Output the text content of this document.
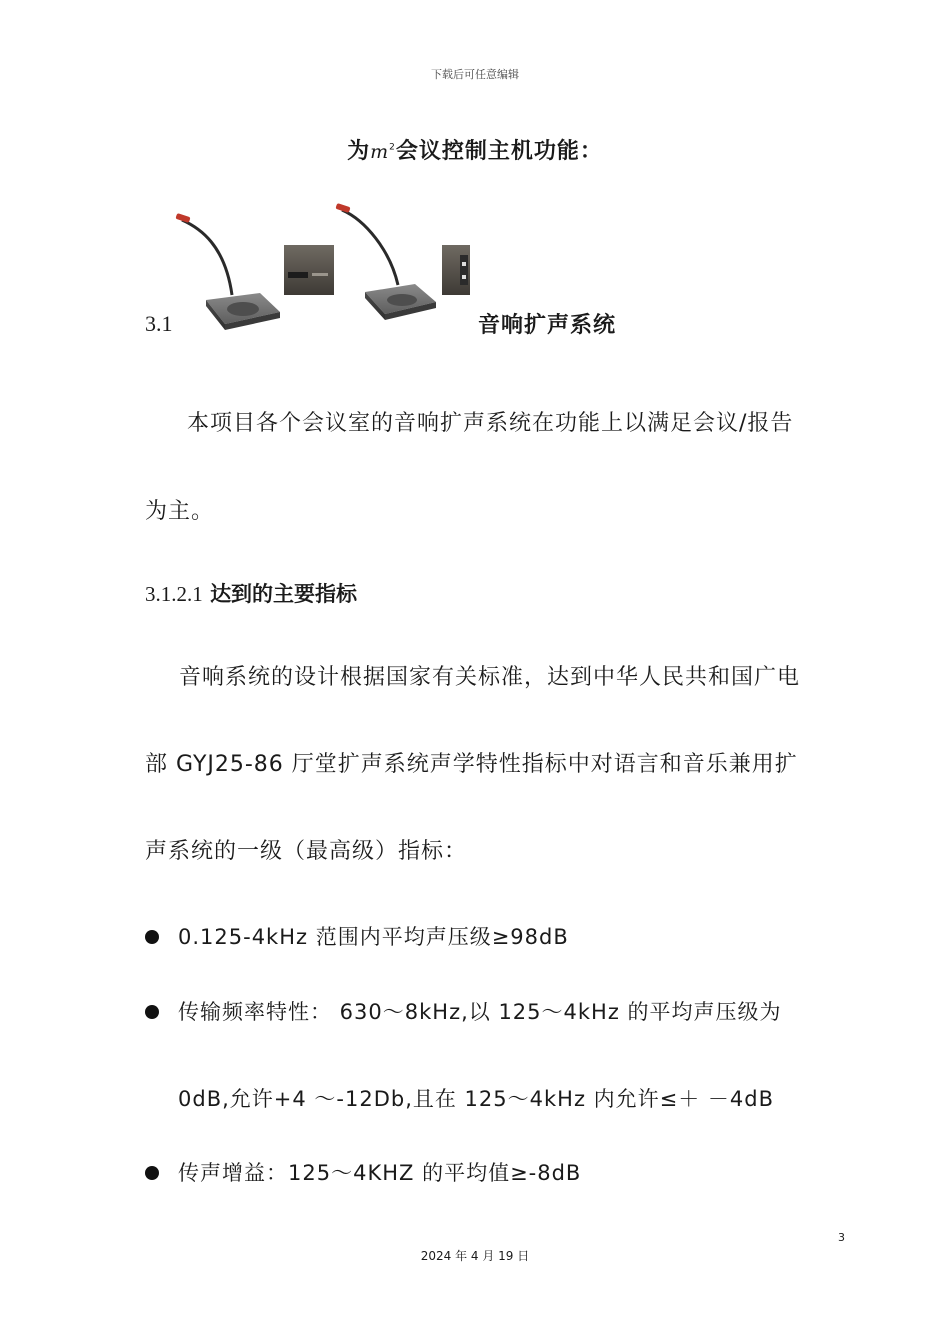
下载后可任意编辑
为$m^2$会议控制主机功能：
3.1	音响扩声系统
本项目各个会议室的音响扩声系统在功能上以满足会议/报告
为主。
3.1.2.1 达到的主要指标
音响系统的设计根据国家有关标准，达到中华人民共和国广电
部 GYJ25-86 厅堂扩声系统声学特性指标中对语言和音乐兼用扩
声系统的一级（最高级）指标：
0.125-4kHz 范围内平均声压级≥98dB
传输频率特性： 630～8kHz,以 125～4kHz 的平均声压级为
0dB,允许+4 ～-12Db,且在 125～4kHz 内允许≤＋ －4dB
传声增益：125～4KHZ 的平均值≥-8dB
3
2024 年 4 月 19 日
